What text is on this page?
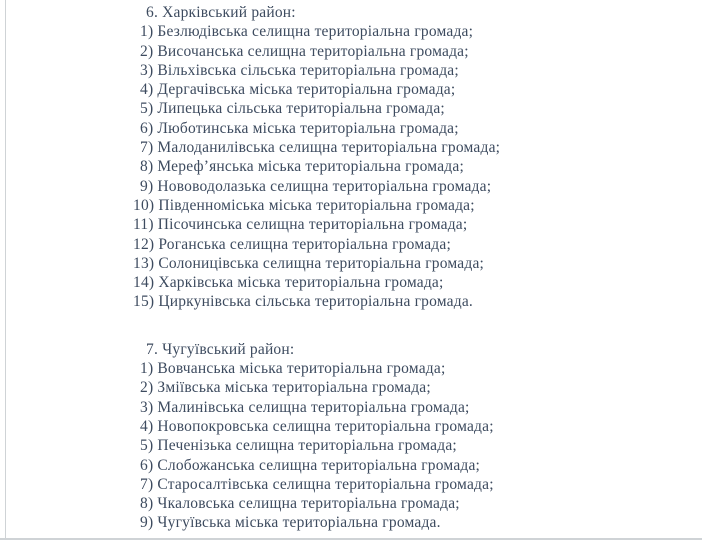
6. Харківський район:
1) Безлюдівська селищна територіальна громада;
2) Височанська селищна територіальна громада;
3) Вільхівська сільська територіальна громада;
4) Дергачівська міська територіальна громада;
5) Липецька сільська територіальна громада;
6) Люботинська міська територіальна громада;
7) Малоданилівська селищна територіальна громада;
8) Мереф’янська міська територіальна громада;
9) Нововодолазька селищна територіальна громада;
10) Південноміська міська територіальна громада;
11) Пісочинська селищна територіальна громада;
12) Роганська селищна територіальна громада;
13) Солоницівська селищна територіальна громада;
14) Харківська міська територіальна громада;
15) Циркунівська сільська територіальна громада.
7. Чугуївський район:
1) Вовчанська міська територіальна громада;
2) Зміївська міська територіальна громада;
3) Малинівська селищна територіальна громада;
4) Новопокровська селищна територіальна громада;
5) Печенізька селищна територіальна громада;
6) Слобожанська селищна територіальна громада;
7) Старосалтівська селищна територіальна громада;
8) Чкаловська селищна територіальна громада;
9) Чугуївська міська територіальна громада.
